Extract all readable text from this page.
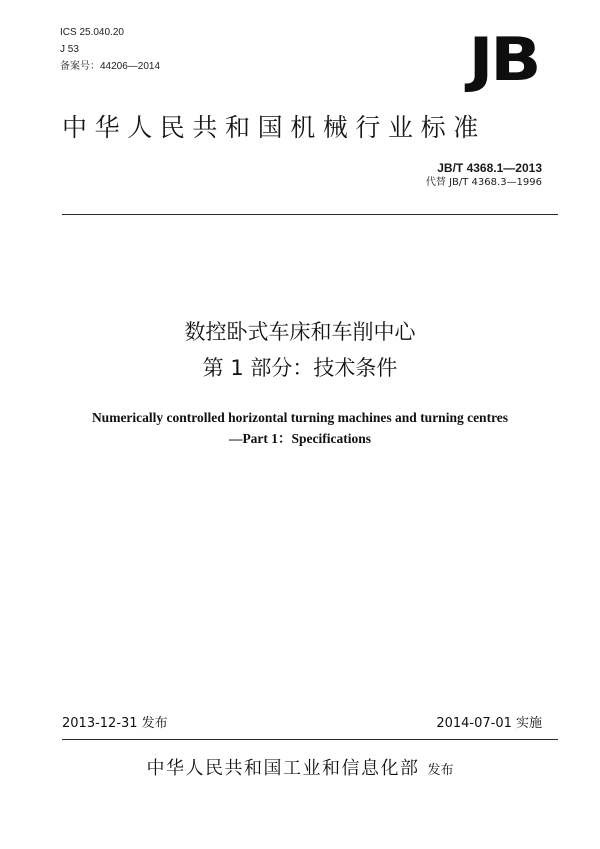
ICS 25.040.20
J 53
备案号：44206—2014	JB
中华人民共和国机械行业标准
JB/T 4368.1—2013
代替 JB/T 4368.3—1996
数控卧式车床和车削中心
第 1 部分：技术条件
Numerically controlled horizontal turning machines and turning centres
—Part 1：Specifications
2013-12-31 发布	2014-07-01 实施
中华人民共和国工业和信息化部 发布
